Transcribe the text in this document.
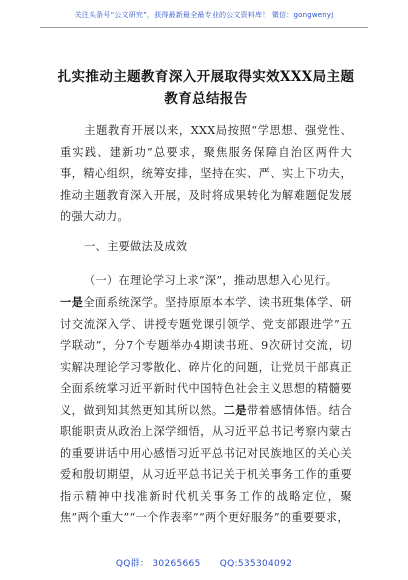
关注头条号“公文研究”，获得最新最全最专业的公文资料库！ 微信：gongwenyj
扎实推动主题教育深入开展取得实效XXX局主题教育总结报告
主题教育开展以来，XXX局按照“学思想、强党性、重实践、建新功”总要求，聚焦服务保障自治区两件大事，精心组织，统筹安排，坚持在实、严、实上下功夫，推动主题教育深入开展，及时将成果转化为解难题促发展的强大动力。
一、主要做法及成效
（一）在理论学习上求“深”，推动思想入心见行。
一是全面系统深学。坚持原原本本学、读书班集体学、研讨交流深入学、讲授专题党课引领学、党支部跟进学”五学联动”，分7个专题举办4期读书班、9次研讨交流，切实解决理论学习零散化、碎片化的问题，让党员干部真正全面系统掌习近平新时代中国特色社会主义思想的精髓要义，做到知其然更知其所以然。二是带着感情体悟。结合职能职责从政治上深学细悟，从习近平总书记考察内蒙古的重要讲话中用心感悟习近平总书记对民族地区的关心关爱和殷切期望，从习近平总书记关于机关事务工作的重要指示精神中找准新时代机关事务工作的战略定位，聚焦”两个重大”“一个作表率”“两个更好服务”的重要要求，
QQ群： 30265665 QQ:535304092
